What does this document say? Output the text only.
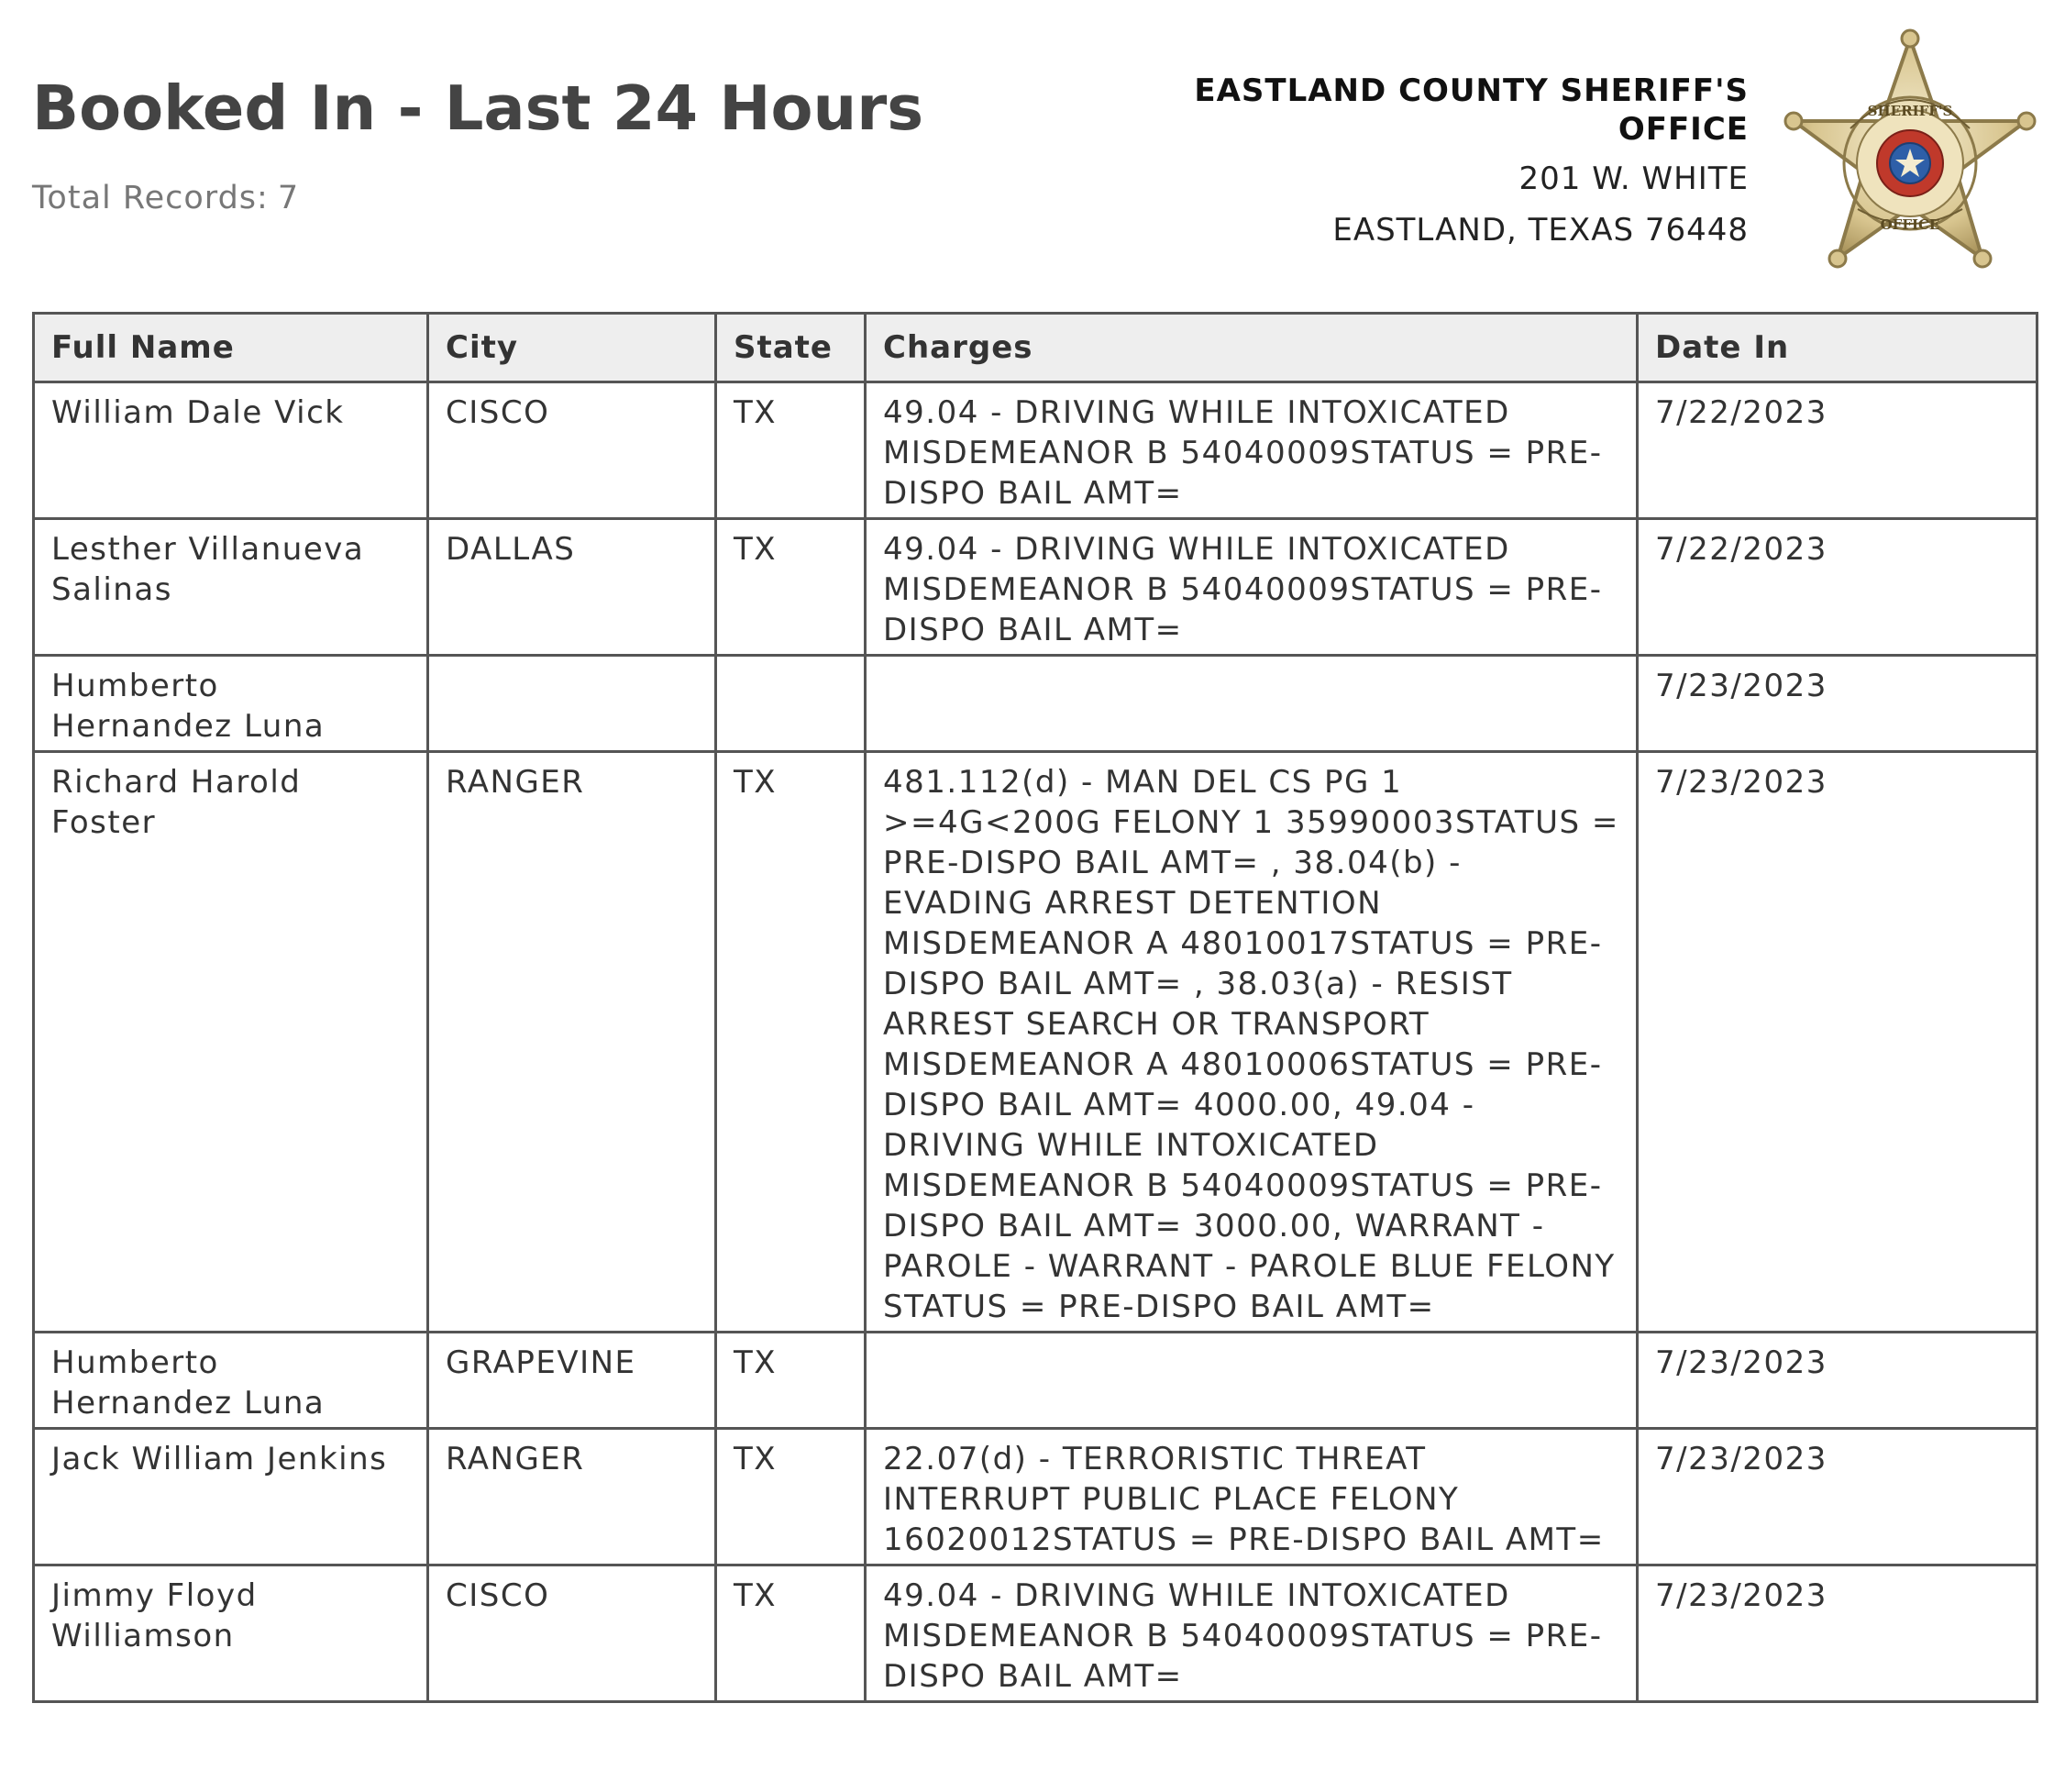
Booked In - Last 24 Hours
Total Records: 7
EASTLAND COUNTY SHERIFF'S
OFFICE
201 W. WHITE
EASTLAND, TEXAS 76448
SHERIFF'S
OFFICE
Full Name	City	State	Charges	Date In
William Dale Vick	CISCO	TX	49.04 - DRIVING WHILE INTOXICATED MISDEMEANOR B 54040009STATUS = PRE-DISPO BAIL AMT=	7/22/2023
Lesther Villanueva Salinas	DALLAS	TX	49.04 - DRIVING WHILE INTOXICATED MISDEMEANOR B 54040009STATUS = PRE-DISPO BAIL AMT=	7/22/2023
Humberto Hernandez Luna				7/23/2023
Richard Harold Foster	RANGER	TX	481.112(d) - MAN DEL CS PG 1 >=4G<200G FELONY 1 35990003STATUS = PRE-DISPO BAIL AMT= , 38.04(b) - EVADING ARREST DETENTION MISDEMEANOR A 48010017STATUS = PRE-DISPO BAIL AMT= , 38.03(a) - RESIST ARREST SEARCH OR TRANSPORT MISDEMEANOR A 48010006STATUS = PRE-DISPO BAIL AMT= 4000.00, 49.04 - DRIVING WHILE INTOXICATED MISDEMEANOR B 54040009STATUS = PRE-DISPO BAIL AMT= 3000.00, WARRANT - PAROLE - WARRANT - PAROLE BLUE FELONY STATUS = PRE-DISPO BAIL AMT=	7/23/2023
Humberto Hernandez Luna	GRAPEVINE	TX		7/23/2023
Jack William Jenkins	RANGER	TX	22.07(d) - TERRORISTIC THREAT INTERRUPT PUBLIC PLACE FELONY 16020012STATUS = PRE-DISPO BAIL AMT=	7/23/2023
Jimmy Floyd Williamson	CISCO	TX	49.04 - DRIVING WHILE INTOXICATED MISDEMEANOR B 54040009STATUS = PRE-DISPO BAIL AMT=	7/23/2023
